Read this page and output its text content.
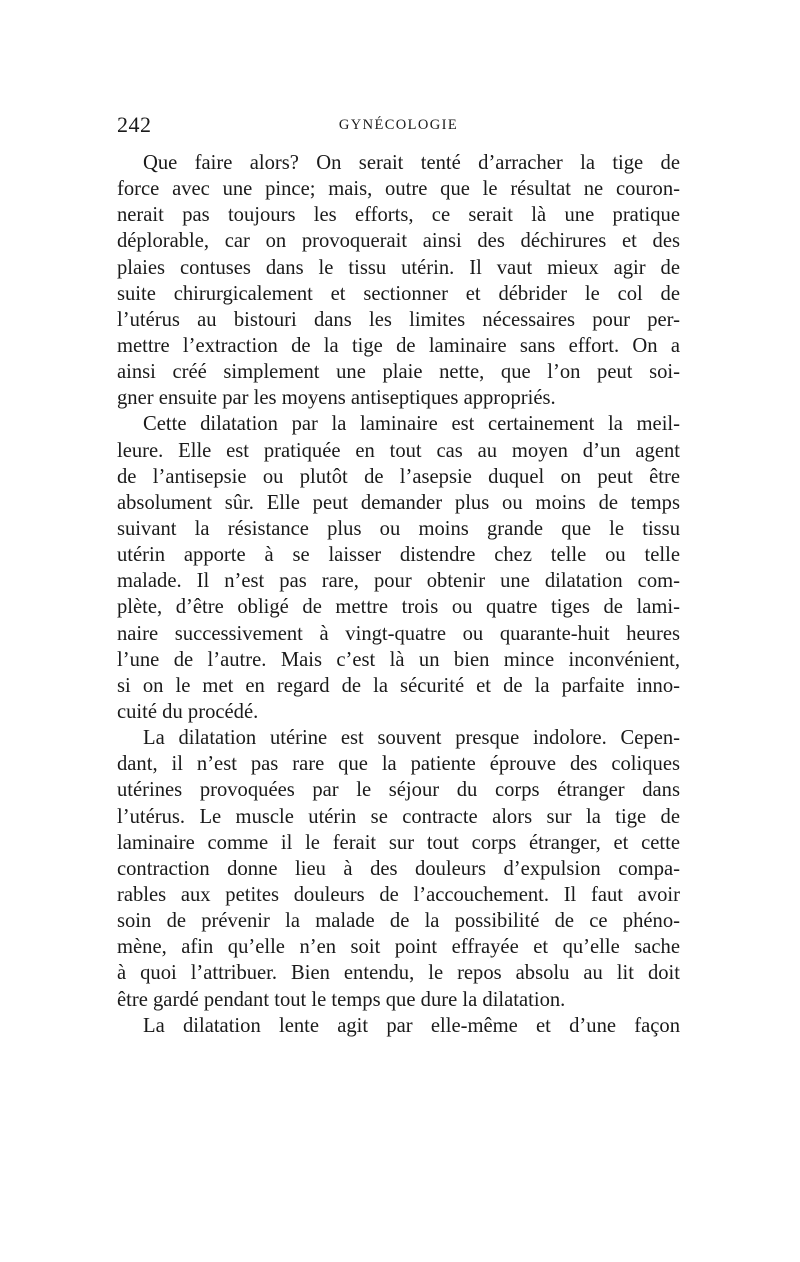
242	GYNÉCOLOGIE
Que faire alors? On serait tenté d’arracher la tige de
force avec une pince; mais, outre que le résultat ne couron-
nerait pas toujours les efforts, ce serait là une pratique
déplorable, car on provoquerait ainsi des déchirures et des
plaies contuses dans le tissu utérin. Il vaut mieux agir de
suite chirurgicalement et sectionner et débrider le col de
l’utérus au bistouri dans les limites nécessaires pour per-
mettre l’extraction de la tige de laminaire sans effort. On a
ainsi créé simplement une plaie nette, que l’on peut soi-
gner ensuite par les moyens antiseptiques appropriés.
Cette dilatation par la laminaire est certainement la meil-
leure. Elle est pratiquée en tout cas au moyen d’un agent
de l’antisepsie ou plutôt de l’asepsie duquel on peut être
absolument sûr. Elle peut demander plus ou moins de temps
suivant la résistance plus ou moins grande que le tissu
utérin apporte à se laisser distendre chez telle ou telle
malade. Il n’est pas rare, pour obtenir une dilatation com-
plète, d’être obligé de mettre trois ou quatre tiges de lami-
naire successivement à vingt-quatre ou quarante-huit heures
l’une de l’autre. Mais c’est là un bien mince inconvénient,
si on le met en regard de la sécurité et de la parfaite inno-
cuité du procédé.
La dilatation utérine est souvent presque indolore. Cepen-
dant, il n’est pas rare que la patiente éprouve des coliques
utérines provoquées par le séjour du corps étranger dans
l’utérus. Le muscle utérin se contracte alors sur la tige de
laminaire comme il le ferait sur tout corps étranger, et cette
contraction donne lieu à des douleurs d’expulsion compa-
rables aux petites douleurs de l’accouchement. Il faut avoir
soin de prévenir la malade de la possibilité de ce phéno-
mène, afin qu’elle n’en soit point effrayée et qu’elle sache
à quoi l’attribuer. Bien entendu, le repos absolu au lit doit
être gardé pendant tout le temps que dure la dilatation.
La dilatation lente agit par elle-même et d’une façon
